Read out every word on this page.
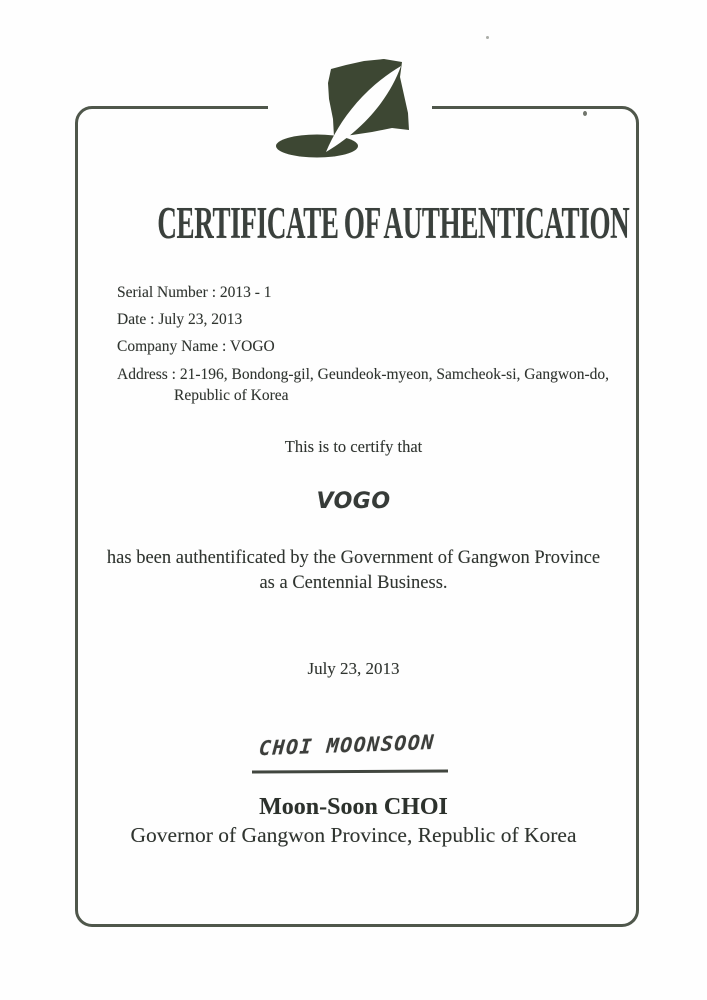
CERTIFICATE OF AUTHENTICATION
Serial Number : 2013 - 1
Date : July 23, 2013
Company Name : VOGO
Address : 21-196, Bondong-gil, Geundeok-myeon, Samcheok-si, Gangwon-do,
Republic of Korea
This is to certify that
VOGO
has been authentificated by the Government of Gangwon Province
as a Centennial Business.
July 23, 2013
CHOI MOONSOON
Moon-Soon CHOI
Governor of Gangwon Province, Republic of Korea
